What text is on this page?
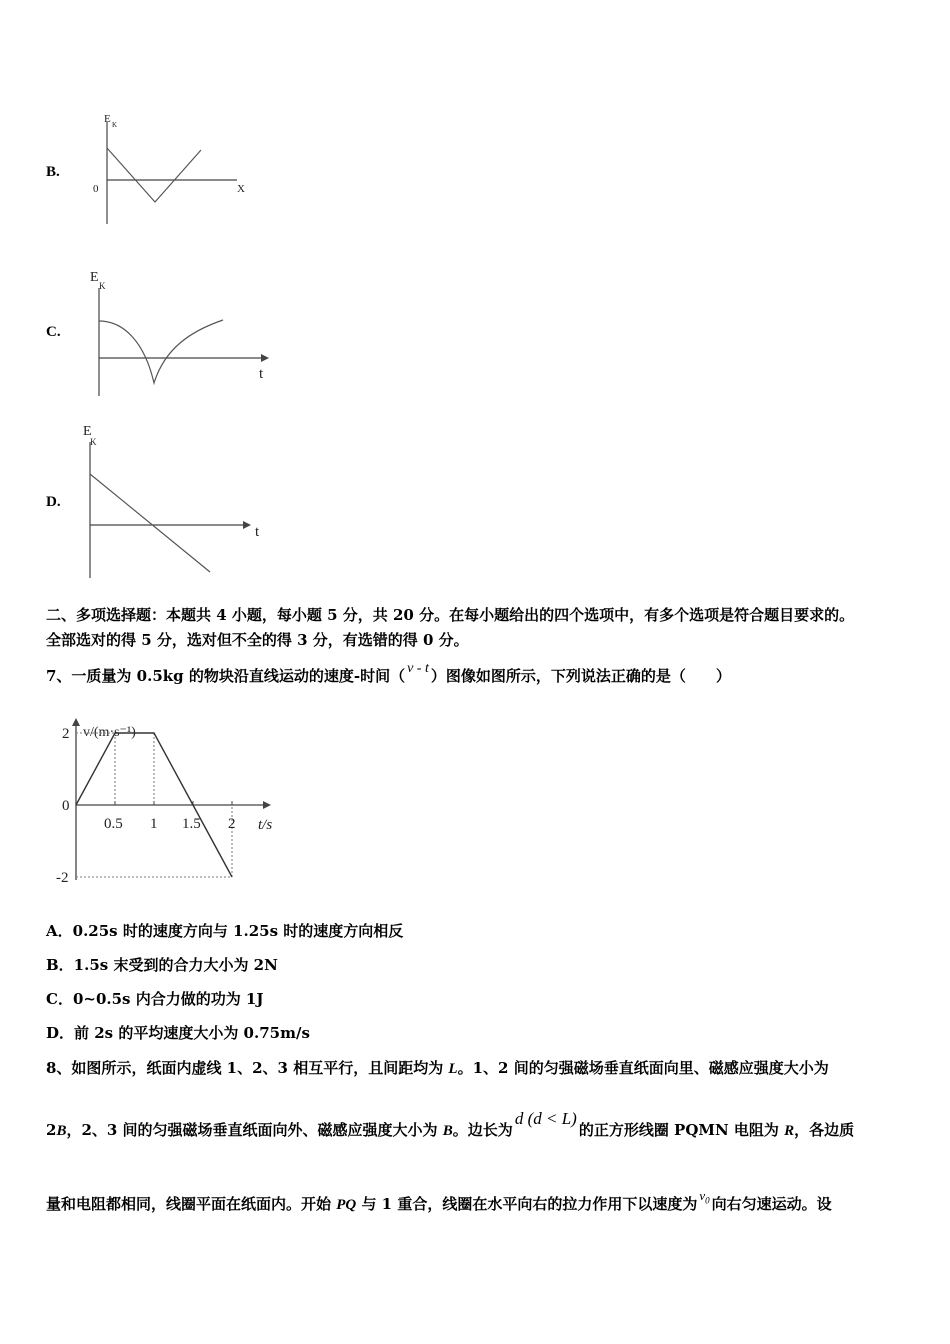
B.
E K
0	X
C.
E
K
t
D.
E
K
t
二、多项选择题：本题共 4 小题，每小题 5 分，共 20 分。在每小题给出的四个选项中，有多个选项是符合题目要求的。
全部选对的得 5 分，选对但不全的得 3 分，有选错的得 0 分。
7、一质量为 0.5kg 的物块沿直线运动的速度-时间（ v - t ）图像如图所示，下列说法正确的是（　　）
v/(m·s⁻¹)
t/s
0.5 1 1.5 2
2
0
-2
A．0.25s 时的速度方向与 1.25s 时的速度方向相反
B．1.5s 末受到的合力大小为 2N
C．0~0.5s 内合力做的功为 1J
D．前 2s 的平均速度大小为 0.75m/s
8、如图所示，纸面内虚线 1、2、3 相互平行，且间距均为 L。1、2 间的匀强磁场垂直纸面向里、磁感应强度大小为
2B，2、3 间的匀强磁场垂直纸面向外、磁感应强度大小为 B。边长为d (d < L)的正方形线圈 PQMN 电阻为 R，各边质
量和电阻都相同，线圈平面在纸面内。开始 PQ 与 1 重合，线圈在水平向右的拉力作用下以速度为 $v_0$ 向右匀速运动。设
